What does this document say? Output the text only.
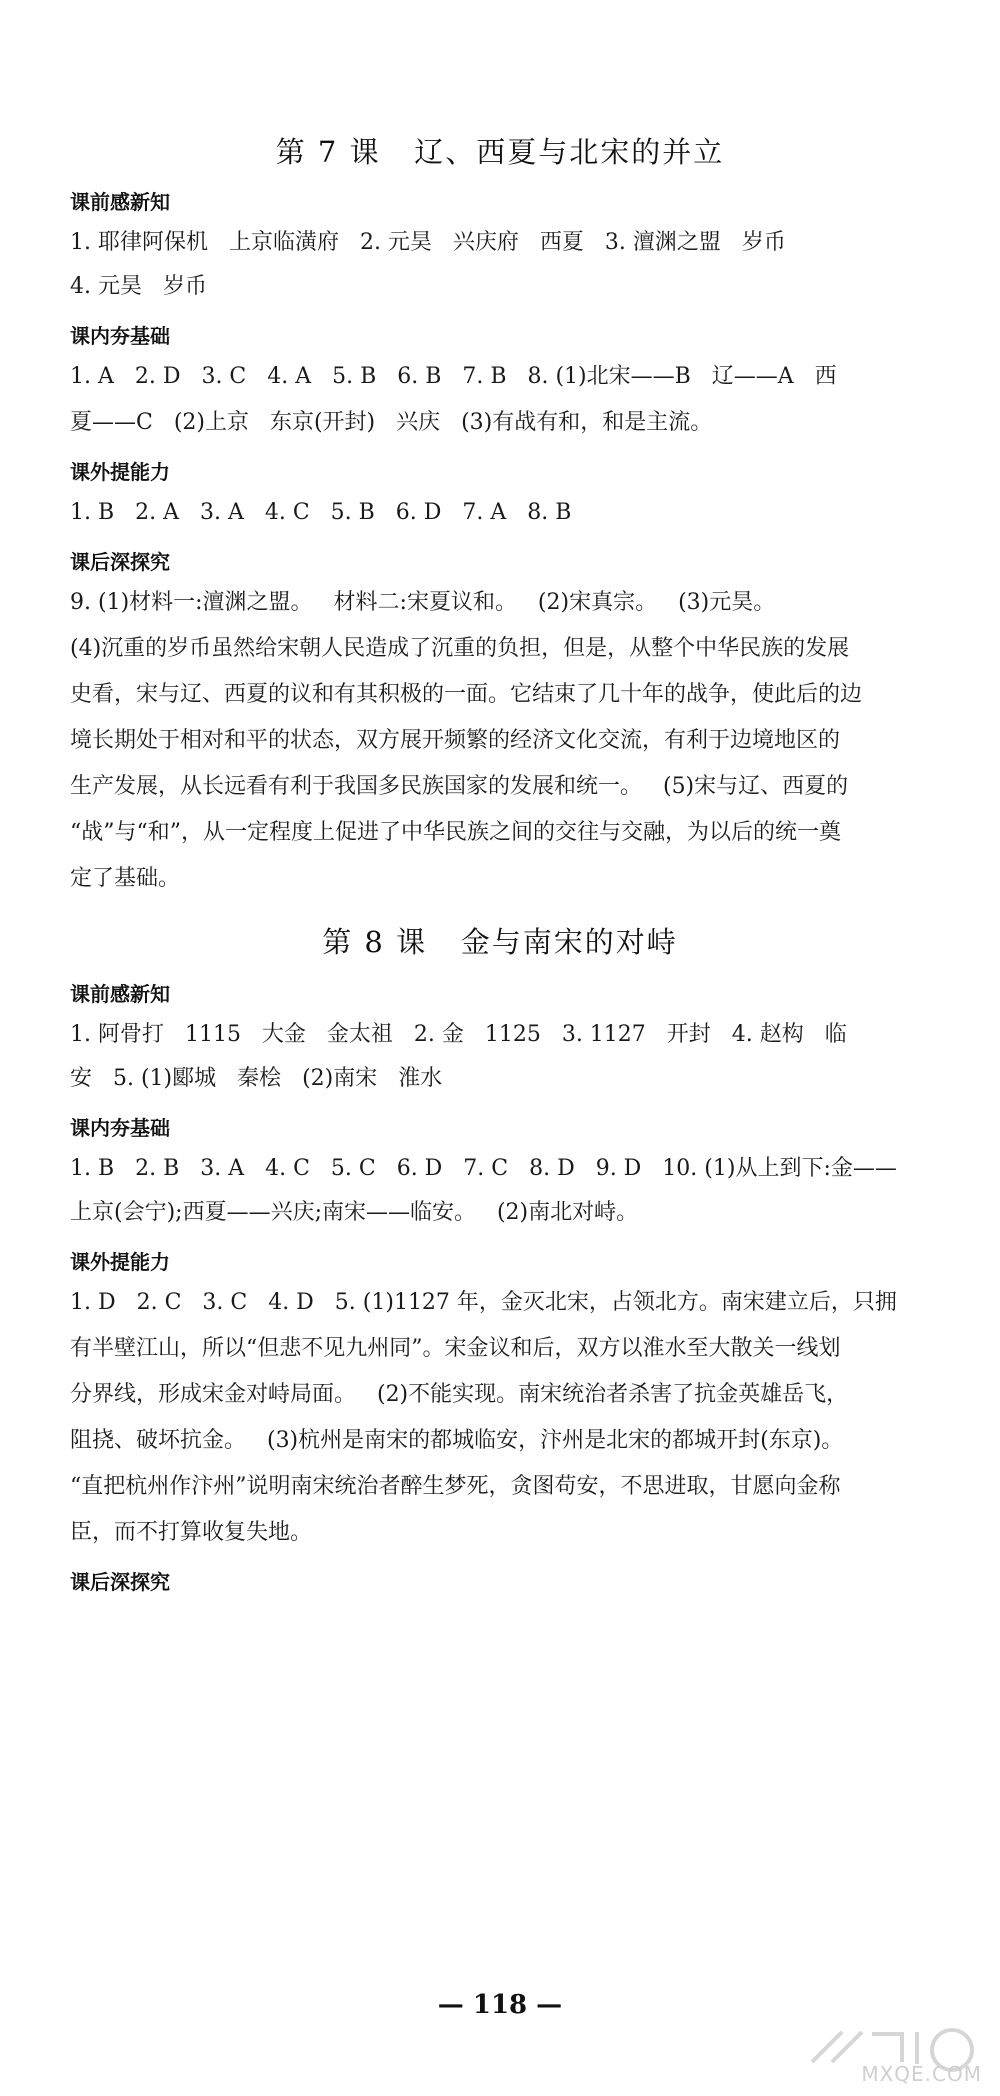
第 7 课   辽、西夏与北宋的并立
课前感新知
1. 耶律阿保机   上京临潢府   2. 元昊   兴庆府   西夏   3. 澶渊之盟   岁币
4. 元昊   岁币
课内夯基础
1. A   2. D   3. C   4. A   5. B   6. B   7. B   8. (1)北宋——B   辽——A   西
夏——C   (2)上京   东京(开封)   兴庆   (3)有战有和，和是主流。
课外提能力
1. B   2. A   3. A   4. C   5. B   6. D   7. A   8. B
课后深探究
9. (1)材料一:澶渊之盟。   材料二:宋夏议和。   (2)宋真宗。   (3)元昊。
(4)沉重的岁币虽然给宋朝人民造成了沉重的负担，但是，从整个中华民族的发展
史看，宋与辽、西夏的议和有其积极的一面。它结束了几十年的战争，使此后的边
境长期处于相对和平的状态，双方展开频繁的经济文化交流，有利于边境地区的
生产发展，从长远看有利于我国多民族国家的发展和统一。   (5)宋与辽、西夏的
“战”与“和”，从一定程度上促进了中华民族之间的交往与交融，为以后的统一奠
定了基础。
第 8 课   金与南宋的对峙
课前感新知
1. 阿骨打   1115   大金   金太祖   2. 金   1125   3. 1127   开封   4. 赵构   临
安   5. (1)郾城   秦桧   (2)南宋   淮水
课内夯基础
1. B   2. B   3. A   4. C   5. C   6. D   7. C   8. D   9. D   10. (1)从上到下:金——
上京(会宁);西夏——兴庆;南宋——临安。   (2)南北对峙。
课外提能力
1. D   2. C   3. C   4. D   5. (1)1127 年，金灭北宋，占领北方。南宋建立后，只拥
有半壁江山，所以“但悲不见九州同”。宋金议和后，双方以淮水至大散关一线划
分界线，形成宋金对峙局面。   (2)不能实现。南宋统治者杀害了抗金英雄岳飞，
阻挠、破坏抗金。   (3)杭州是南宋的都城临安，汴州是北宋的都城开封(东京)。
“直把杭州作汴州”说明南宋统治者醉生梦死，贪图苟安，不思进取，甘愿向金称
臣，而不打算收复失地。
课后深探究
— 118 —
MXQE.COM
